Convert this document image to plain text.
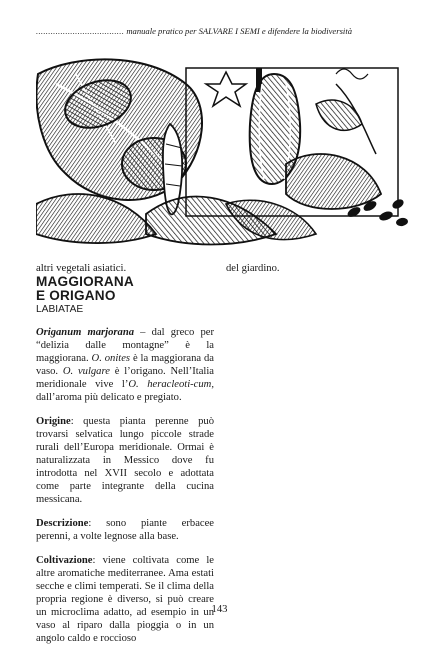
.................................... manuale pratico per SALVARE I SEMI e difendere la biodiversità

altri vegetali asiatici.

MAGGIORANA

E ORIGANO

LABIATAE

Origanum marjorana – dal greco per “delizia dalle montagne” è la maggiorana. O. onites è la maggiorana da vaso. O. vulgare è l’origano. Nell’Italia meridionale vive l’O. heracleoti-cum, dall’aroma più delicato e pregiato.

Origine: questa pianta perenne può trovarsi selvatica lungo piccole strade rurali dell’Europa meridionale. Ormai è naturalizzata in Messico dove fu introdotta nel XVII secolo e adottata come parte integrante della cucina messicana.

Descrizione: sono piante erbacee perenni, a volte legnose alla base.

Coltivazione: viene coltivata come le altre aromatiche mediterranee. Ama estati secche e climi temperati. Se il clima della propria regione è diverso, si può creare un microclima adatto, ad esempio in un vaso al riparo dalla pioggia o in un angolo caldo e roccioso

del giardino.
143
